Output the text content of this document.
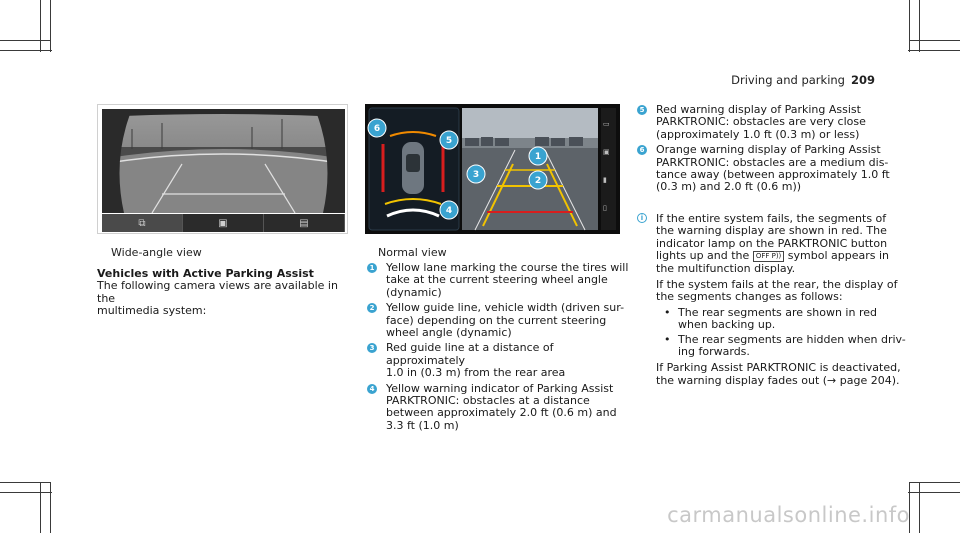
Driving and parking 209
⧉	▣	▤
Wide-angle view

Vehicles with Active Parking Assist

The following camera views are available in the

multimedia system:

▭
▣
▮
▯
6
5
4
3
1
2
Normal view
1 Yellow lane marking the course the tires will

take at the current steering wheel angle

(dynamic)

2 Yellow guide line, vehicle width (driven sur-

face) depending on the current steering

wheel angle (dynamic)

3 Red guide line at a distance of approximately

1.0 in (0.3 m) from the rear area

4 Yellow warning indicator of Parking Assist

PARKTRONIC: obstacles at a distance

between approximately 2.0 ft (0.6 m) and

3.3 ft (1.0 m)

5 Red warning display of Parking Assist

PARKTRONIC: obstacles are very close

(approximately 1.0 ft (0.3 m) or less)

6 Orange warning display of Parking Assist

PARKTRONIC: obstacles are a medium dis-

tance away (between approximately 1.0 ft

(0.3 m) and 2.0 ft (0.6 m))

i	If the entire system fails, the segments of

the warning display are shown in red. The

indicator lamp on the PARKTRONIC button

lights up and the OFF P)) symbol appears in

the multifunction display.

If the system fails at the rear, the display of

the segments changes as follows:

• The rear segments are shown in red

when backing up.

• The rear segments are hidden when driv-

ing forwards.

If Parking Assist PARKTRONIC is deactivated,

the warning display fades out (→ page 204).

carmanualsonline.info
